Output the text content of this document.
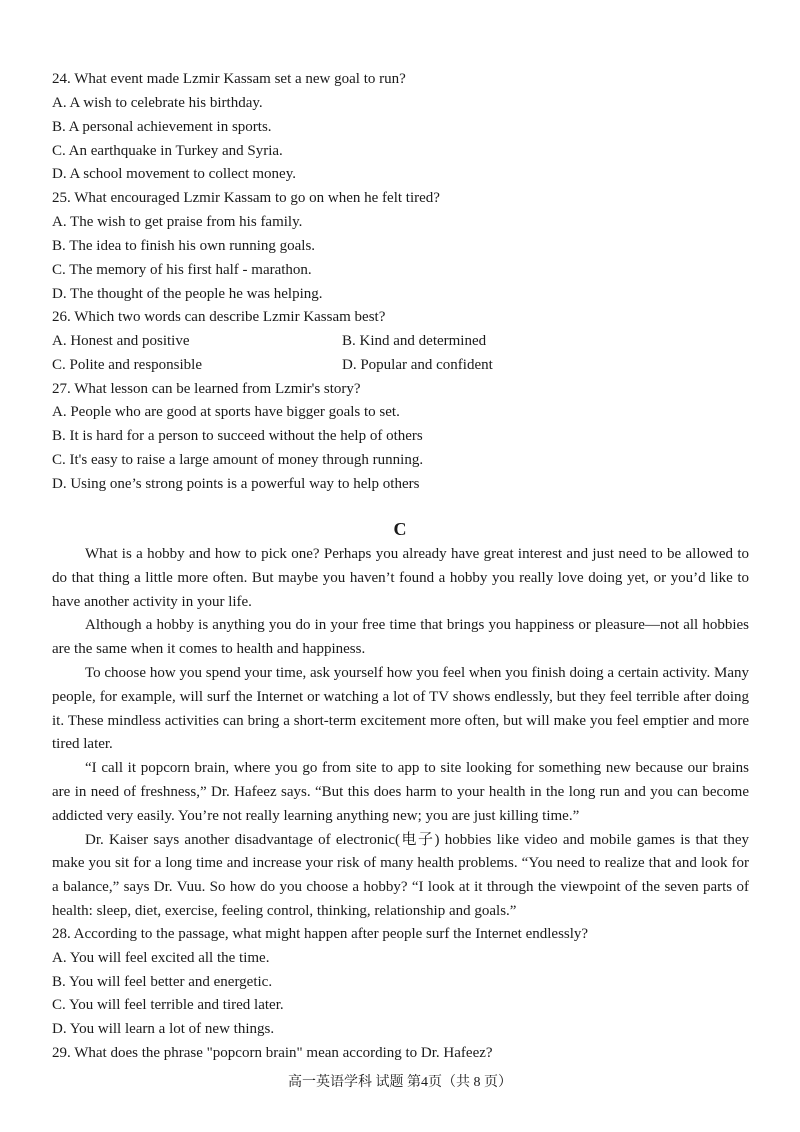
24. What event made Lzmir Kassam set a new goal to run?
A. A wish to celebrate his birthday.
B. A personal achievement in sports.
C. An earthquake in Turkey and Syria.
D. A school movement to collect money.
25. What encouraged Lzmir Kassam to go on when he felt tired?
A. The wish to get praise from his family.
B. The idea to finish his own running goals.
C. The memory of his first half - marathon.
D. The thought of the people he was helping.
26. Which two words can describe Lzmir Kassam best?
A. Honest and positive	B. Kind and determined
C. Polite and responsible	D. Popular and confident
27. What lesson can be learned from Lzmir's story?
A. People who are good at sports have bigger goals to set.
B. It is hard for a person to succeed without the help of others
C. It's easy to raise a large amount of money through running.
D. Using one’s strong points is a powerful way to help others
C

What is a hobby and how to pick one? Perhaps you already have great interest and just need to be allowed to do that thing a little more often. But maybe you haven’t found a hobby you really love doing yet, or you’d like to have another activity in your life.

Although a hobby is anything you do in your free time that brings you happiness or pleasure—not all hobbies are the same when it comes to health and happiness.

To choose how you spend your time, ask yourself how you feel when you finish doing a certain activity. Many people, for example, will surf the Internet or watching a lot of TV shows endlessly, but they feel terrible after doing it. These mindless activities can bring a short-term excitement more often, but will make you feel emptier and more tired later.

“I call it popcorn brain, where you go from site to app to site looking for something new because our brains are in need of freshness,” Dr. Hafeez says. “But this does harm to your health in the long run and you can become addicted very easily. You’re not really learning anything new; you are just killing time.”

Dr. Kaiser says another disadvantage of electronic(电子) hobbies like video and mobile games is that they make you sit for a long time and increase your risk of many health problems. “You need to realize that and look for a balance,” says Dr. Vuu. So how do you choose a hobby? “I look at it through the viewpoint of the seven parts of health: sleep, diet, exercise, feeling control, thinking, relationship and goals.”

28. According to the passage, what might happen after people surf the Internet endlessly?
A. You will feel excited all the time.
B. You will feel better and energetic.
C. You will feel terrible and tired later.
D. You will learn a lot of new things.
29. What does the phrase "popcorn brain" mean according to Dr. Hafeez?
高一英语学科 试题 第4页（共 8 页）
